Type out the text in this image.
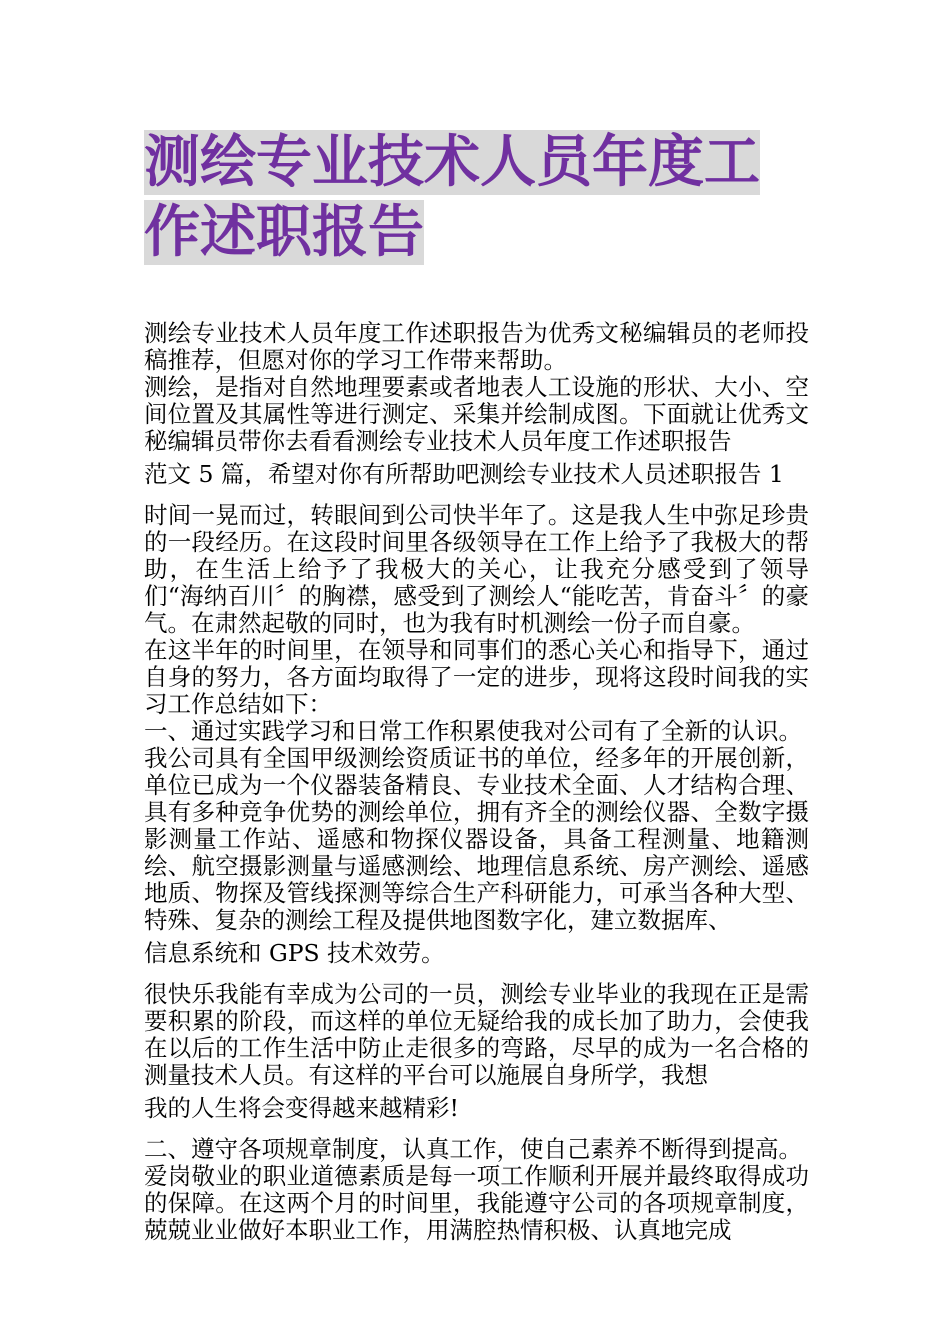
测绘专业技术人员年度工作述职报告

测绘专业技术人员年度工作述职报告为优秀文秘编辑员的老师投稿推荐，但愿对你的学习工作带来帮助。

测绘，是指对自然地理要素或者地表人工设施的形状、大小、空间位置及其属性等进行测定、采集并绘制成图。下面就让优秀文秘编辑员带你去看看测绘专业技术人员年度工作述职报告

范文 5 篇，希望对你有所帮助吧测绘专业技术人员述职报告 1

时间一晃而过，转眼间到公司快半年了。这是我人生中弥足珍贵的一段经历。在这段时间里各级领导在工作上给予了我极大的帮助，在生活上给予了我极大的关心，让我充分感受到了领导们“海纳百川〞的胸襟，感受到了测绘人“能吃苦，肯奋斗〞的豪气。在肃然起敬的同时，也为我有时机测绘一份子而自豪。

在这半年的时间里，在领导和同事们的悉心关心和指导下，通过自身的努力，各方面均取得了一定的进步，现将这段时间我的实习工作总结如下：

一、通过实践学习和日常工作积累使我对公司有了全新的认识。

我公司具有全国甲级测绘资质证书的单位，经多年的开展创新，单位已成为一个仪器装备精良、专业技术全面、人才结构合理、具有多种竞争优势的测绘单位，拥有齐全的测绘仪器、全数字摄影测量工作站、遥感和物探仪器设备，具备工程测量、地籍测绘、航空摄影测量与遥感测绘、地理信息系统、房产测绘、遥感地质、物探及管线探测等综合生产科研能力，可承当各种大型、特殊、复杂的测绘工程及提供地图数字化，建立数据库、

信息系统和 GPS 技术效劳。

很快乐我能有幸成为公司的一员，测绘专业毕业的我现在正是需要积累的阶段，而这样的单位无疑给我的成长加了助力，会使我在以后的工作生活中防止走很多的弯路，尽早的成为一名合格的测量技术人员。有这样的平台可以施展自身所学，我想

我的人生将会变得越来越精彩!

二、遵守各项规章制度，认真工作，使自己素养不断得到提高。

爱岗敬业的职业道德素质是每一项工作顺利开展并最终取得成功的保障。在这两个月的时间里，我能遵守公司的各项规章制度，兢兢业业做好本职业工作，用满腔热情积极、认真地完成
